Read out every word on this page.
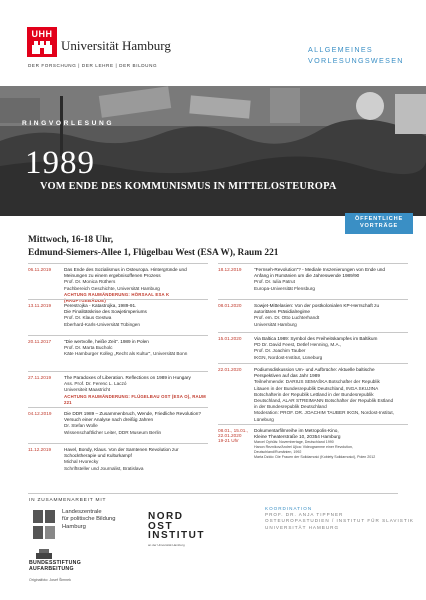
UHH
Universität Hamburg
DER FORSCHUNG | DER LEHRE | DER BILDUNG
ALLGEMEINES
VORLESUNGSWESEN
RINGVORLESUNG
1989
VOM ENDE DES KOMMUNISMUS IN MITTELOSTEUROPA
ÖFFENTLICHE
VORTRÄGE
Mittwoch, 16-18 Uhr,
Edmund-Siemers-Allee 1, Flügelbau West (ESA W), Raum 221
06.11.2019	Das Ende des Sozialismus in Osteuropa. Hintergründe und
Meinungen zu einem ergebnisoffenen Prozess
Prof. Dr. Monica Rüthers
Fachbereich Geschichte, Universität Hamburg
ACHTUNG RAUMÄNDERUNG: HÖRSAAL ESA K (HAUPTGEBÄUDE)
13.11.2019	Perestrojka - Katastrojka, 1989-91.
Die Finalitätskrise des Sowjetimperiums
Prof. Dr. Klaus Gestwa
Eberhard-Karls-Universität Tübingen
20.11.2017	"Die wertvolle, heiße Zeit". 1989 in Polen
Prof. Dr. Marta Bucholc
Käte Hamburger Kolleg „Recht als Kultur", Universität Bonn
27.11.2019	The Paradoxes of Liberation. Reflections on 1989 in Hungary
Ass. Prof. Dr. Ferenc L. Laczó
Universiteit Maastricht
ACHTUNG RAUMÄNDERUNG: FLÜGELBAU OST (ESA O), RAUM 221
04.12.2019	Die DDR 1989 – Zusammenbruch, Wende, Friedliche Revolution?
Versuch einer Analyse nach dreißig Jahren
Dr. Stefan Wolle
Wissenschaftlicher Leiter, DDR Museum Berlin
11.12.2019	Havel, Bondy, Klaus. Von der Samtenen Revolution zur
Schocktherapie und Kulturkampf
Michal Hvorecky
Schriftsteller und Journalist, Bratislava
18.12.2019	"Fernseh-Revolution"? - Mediale Inszenierungen von Ende und
Anfang in Rumänien um die Jahreswende 1989/90
Prof. Dr. Iulia Patrut
Europa-Universität Flensburg
08.01.2020	Sowjet-Mittelasien: Von der postkolonialen KP-Herrschaft zu
autoritären Präsidialregime
Prof. em. Dr. Otto Luchterhandt
Universität Hamburg
15.01.2020	Via Baltica 1989: Symbol des Freiheitskampfes im Baltikum
PD Dr. David Feest, Detlef Henning, M.A.,
Prof. Dr. Joachim Tauber
IKGN, Nordost-Institut, Lüneburg
22.01.2020	Podiumsdiskussion Um- und Aufbrüche: Aktuelle baltische
Perspektiven auf das Jahr 1989
Teilnehmende: DARIUS SEMAŠKA Botschafter der Republik
Litauen in der Bundesrepublik Deutschland, INGA SKUJINA
Botschafterin der Republik Lettland in der Bundesrepublik
Deutschland, ALAR STREIMANN Botschafter der Republik Estland
in der Bundesrepublik Deutschland
Moderation: PROF. DR. JOACHIM TAUBER IKGN, Nordost-Institut,
Lüneburg
08.01., 15.01.,
22.01.2020
19-21 Uhr
Dokumentarfilmreihe im Metropolis-Kino,
Kleine Theaterstraße 10, 20354 Hamburg
Marcel Ophüls: Novembertage, Deutschland 1990
Hanon Reznikov/Andrei Ujica: Videogramme einer Revolution,
Deutschland/Rumänien, 1992
Marta Dzido: Die Frauen der Solidarność (Kobiety Solidarności), Polen 2012
IN ZUSAMMENARBEIT MIT
Landeszentrale
für politische Bildung
Hamburg
NORD
OST
INSTITUT
an der Universität Hamburg
BUNDESSTIFTUNG
AUFARBEITUNG
Originalfoto: Josef Šimnek
KOORDINATION
PROF. DR. ANJA TIPPNER
OSTEUROPASTUDIEN / INSTITUT FÜR SLAVISTIK
UNIVERSITÄT HAMBURG
